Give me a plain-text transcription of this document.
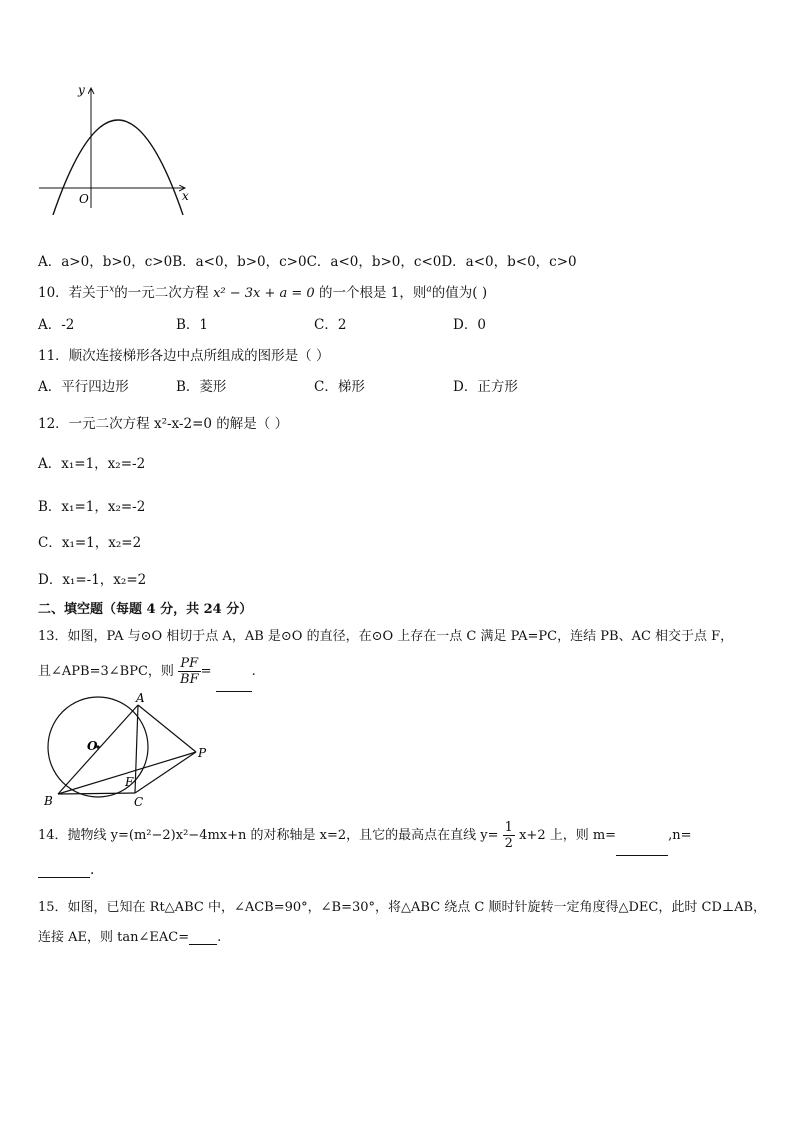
y
x
O
A．a>0，b>0，c>0B．a<0，b>0，c>0C．a<0，b>0，c<0D．a<0，b<0，c>0
10．若关于$^x$的一元二次方程 x² − 3x + a = 0 的一个根是 1，则$^a$的值为( )
A．-2	B．1	C．2	D．0
11．顺次连接梯形各边中点所组成的图形是（ ）
A．平行四边形	B．菱形	C．梯形	D．正方形
12．一元二次方程 x²-x-2=0 的解是（ ）
A．x₁=1，x₂=-2
B．x₁=1，x₂=-2
C．x₁=1，x₂=2
D．x₁=-1，x₂=2
二、填空题（每题 4 分，共 24 分）
13．如图，PA 与⊙O 相切于点 A，AB 是⊙O 的直径，在⊙O 上存在一点 C 满足 PA=PC，连结 PB、AC 相交于点 F，
且∠APB=3∠BPC，则 $\frac{PF}{BF}$ =	.
A
O	P
F
B	C
14．抛物线 y=(m²−2)x²−4mx+n 的对称轴是 x=2，且它的最高点在直线 $y= \frac{1}{2} x+2$ 上，则 m=	,n=
.
15．如图，已知在 Rt△ABC 中，∠ACB=90°，∠B=30°，将△ABC 绕点 C 顺时针旋转一定角度得△DEC，此时 CD⊥AB，
连接 AE，则 tan∠EAC= .
